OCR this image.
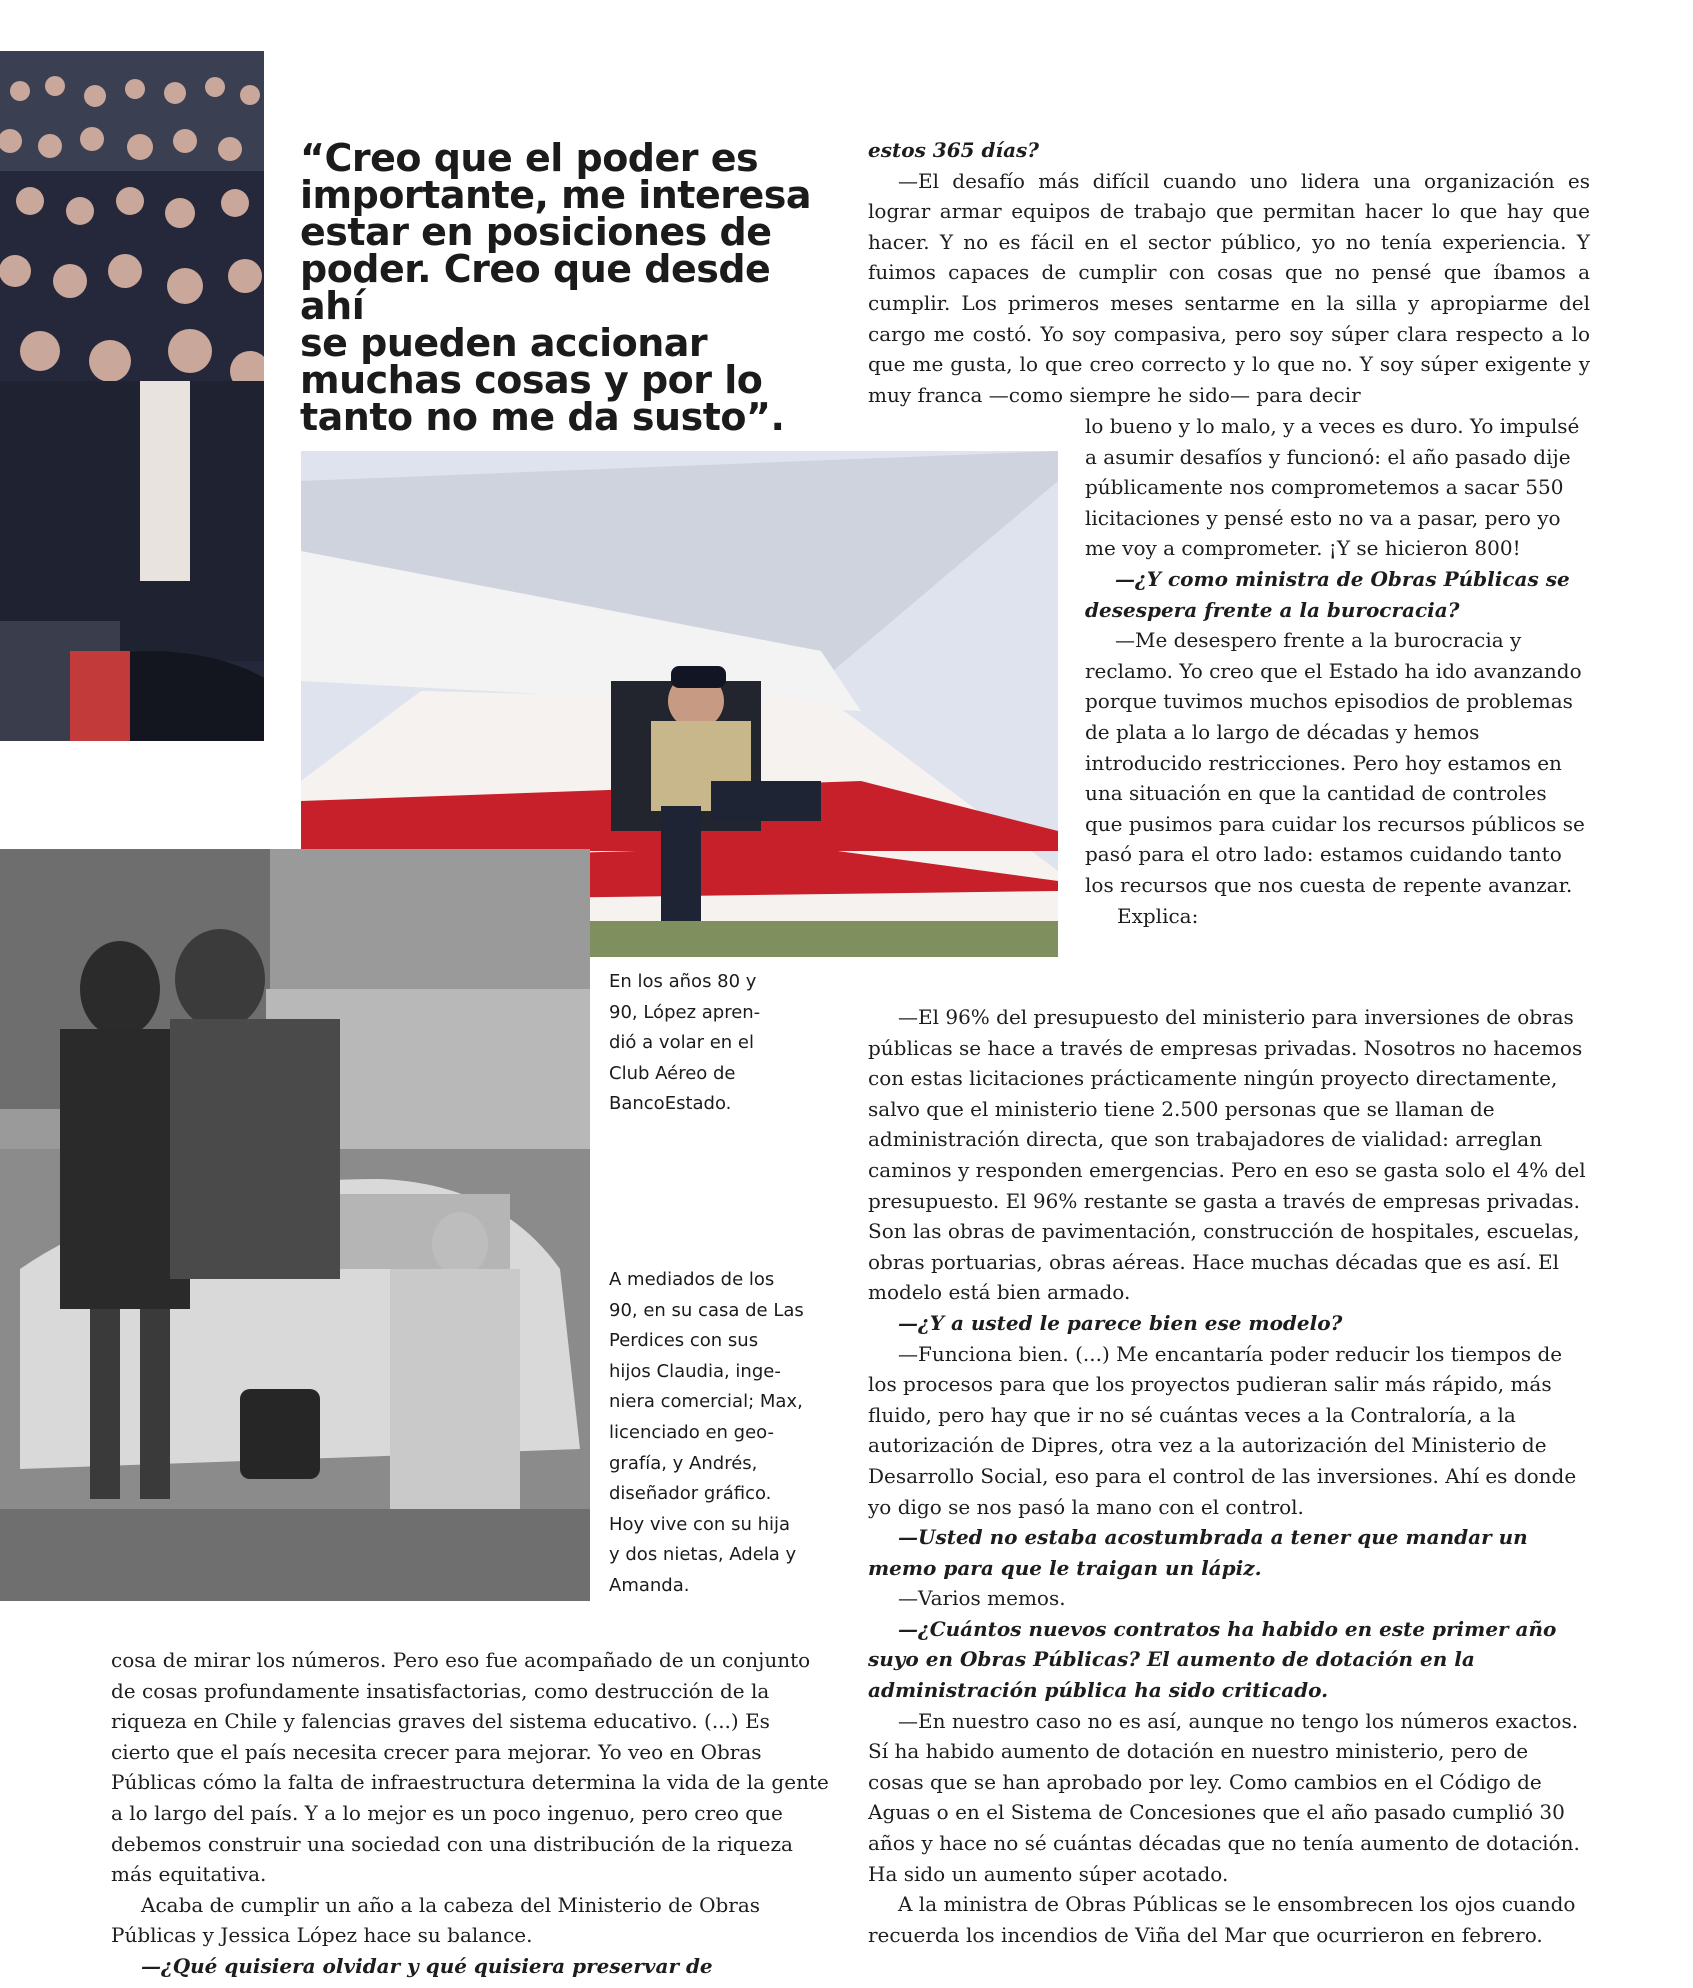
“Creo que el poder es
importante, me interesa
estar en posiciones de
poder. Creo que desde ahí
se pueden accionar
muchas cosas y por lo
tanto no me da susto”.

En los años 80 y
90, López apren-
dió a volar en el
Club Aéreo de
BancoEstado.

A mediados de los
90, en su casa de Las
Perdices con sus
hijos Claudia, inge-
niera comercial; Max,
licenciado en geo-
grafía, y Andrés,
diseñador gráfico.
Hoy vive con su hija
y dos nietas, Adela y
Amanda.

estos 365 días?

—El desafío más difícil cuando uno lidera una organización es lograr armar equipos de trabajo que permitan hacer lo que hay que hacer. Y no es fácil en el sector público, yo no tenía experiencia. Y fuimos capaces de cumplir con cosas que no pensé que íbamos a cumplir. Los primeros meses sentarme en la silla y apropiarme del cargo me costó. Yo soy compasiva, pero soy súper clara respecto a lo que me gusta, lo que creo correcto y lo que no. Y soy súper exigente y muy franca —como siempre he sido— para decir

lo bueno y lo malo, y a veces es duro. Yo impulsé a asumir desafíos y funcionó: el año pasado dije públicamente nos comprometemos a sacar 550 licitaciones y pensé esto no va a pasar, pero yo me voy a comprometer. ¡Y se hicieron 800!

—¿Y como ministra de Obras Públicas se desespera frente a la burocracia?

—Me desespero frente a la burocracia y reclamo. Yo creo que el Estado ha ido avanzando porque tuvimos muchos episodios de problemas de plata a lo largo de décadas y hemos introducido restricciones. Pero hoy estamos en una situación en que la cantidad de controles que pusimos para cuidar los recursos públicos se pasó para el otro lado: estamos cuidando tanto los recursos que nos cuesta de repente avanzar.

Explica:

—El 96% del presupuesto del ministerio para inversiones de obras públicas se hace a través de empresas privadas. Nosotros no hacemos con estas licitaciones prácticamente ningún proyecto directamente, salvo que el ministerio tiene 2.500 personas que se llaman de administración directa, que son trabajadores de vialidad: arreglan caminos y responden emergencias. Pero en eso se gasta solo el 4% del presupuesto. El 96% restante se gasta a través de empresas privadas. Son las obras de pavimentación, construcción de hospitales, escuelas, obras portuarias, obras aéreas. Hace muchas décadas que es así. El modelo está bien armado.

—¿Y a usted le parece bien ese modelo?

—Funciona bien. (...) Me encantaría poder reducir los tiempos de los procesos para que los proyectos pudieran salir más rápido, más fluido, pero hay que ir no sé cuántas veces a la Contraloría, a la autorización de Dipres, otra vez a la autorización del Ministerio de Desarrollo Social, eso para el control de las inversiones. Ahí es donde yo digo se nos pasó la mano con el control.

—Usted no estaba acostumbrada a tener que mandar un memo para que le traigan un lápiz.

—Varios memos.

—¿Cuántos nuevos contratos ha habido en este primer año suyo en Obras Públicas? El aumento de dotación en la administración pública ha sido criticado.

—En nuestro caso no es así, aunque no tengo los números exactos. Sí ha habido aumento de dotación en nuestro ministerio, pero de cosas que se han aprobado por ley. Como cambios en el Código de Aguas o en el Sistema de Concesiones que el año pasado cumplió 30 años y hace no sé cuántas décadas que no tenía aumento de dotación. Ha sido un aumento súper acotado.

A la ministra de Obras Públicas se le ensombrecen los ojos cuando recuerda los incendios de Viña del Mar que ocurrieron en febrero.

cosa de mirar los números. Pero eso fue acompañado de un conjunto de cosas profundamente insatisfactorias, como destrucción de la riqueza en Chile y falencias graves del sistema educativo. (...) Es cierto que el país necesita crecer para mejorar. Yo veo en Obras Públicas cómo la falta de infraestructura determina la vida de la gente a lo largo del país. Y a lo mejor es un poco ingenuo, pero creo que debemos construir una sociedad con una distribución de la riqueza más equitativa.

Acaba de cumplir un año a la cabeza del Ministerio de Obras Públicas y Jessica López hace su balance.

—¿Qué quisiera olvidar y qué quisiera preservar de
